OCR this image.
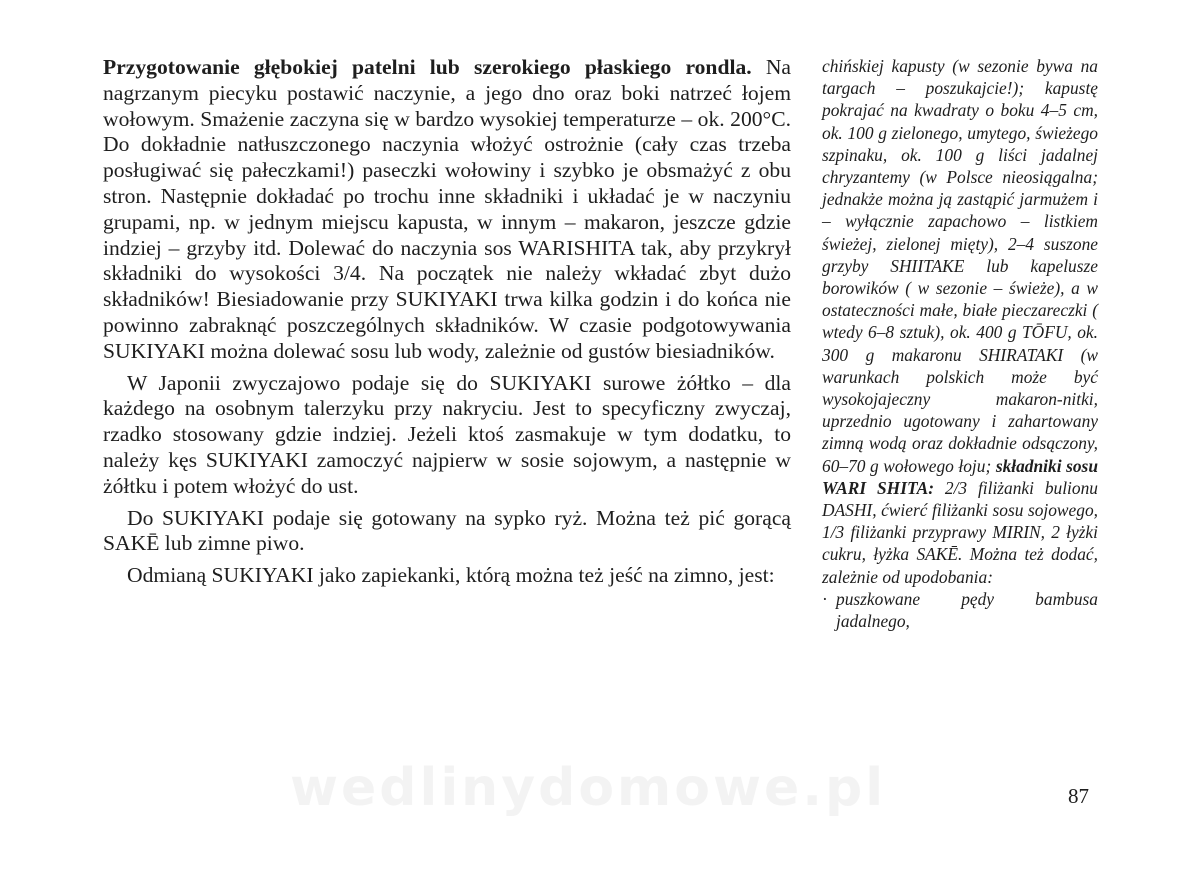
Przygotowanie głębokiej patelni lub szerokiego płaskiego rondla. Na nagrzanym piecyku postawić naczynie, a jego dno oraz boki natrzeć łojem wołowym. Smażenie zaczyna się w bardzo wysokiej temperaturze – ok. 200°C. Do dokładnie natłuszczonego naczynia włożyć ostrożnie (cały czas trzeba posługiwać się pałeczkami!) paseczki wołowiny i szybko je obsmażyć z obu stron. Następnie dokładać po trochu inne składniki i układać je w naczyniu grupami, np. w jednym miejscu kapusta, w innym – makaron, jeszcze gdzie indziej – grzyby itd. Dolewać do naczynia sos WARISHITA tak, aby przykrył składniki do wysokości 3/4. Na początek nie należy wkładać zbyt dużo składników! Biesiadowanie przy SUKIYAKI trwa kilka godzin i do końca nie powinno zabraknąć poszczególnych składników. W czasie podgotowywania SUKIYAKI można dolewać sosu lub wody, zależnie od gustów biesiadników.

W Japonii zwyczajowo podaje się do SUKIYAKI surowe żółtko – dla każdego na osobnym talerzyku przy nakryciu. Jest to specyficzny zwyczaj, rzadko stosowany gdzie indziej. Jeżeli ktoś zasmakuje w tym dodatku, to należy kęs SUKIYAKI zamoczyć najpierw w sosie sojowym, a następnie w żółtku i potem włożyć do ust.

Do SUKIYAKI podaje się gotowany na sypko ryż. Można też pić gorącą SAKĒ lub zimne piwo.

Odmianą SUKIYAKI jako zapiekanki, którą można też jeść na zimno, jest:

chińskiej kapusty (w sezonie bywa na targach – poszukajcie!); kapustę pokrajać na kwadraty o boku 4–5 cm, ok. 100 g zielonego, umytego, świeżego szpinaku, ok. 100 g liści jadalnej chryzantemy (w Polsce nieosiągalna; jednakże można ją zastąpić jarmużem i – wyłącznie zapachowo – listkiem świeżej, zielonej mięty), 2–4 suszone grzyby SHIITAKE lub kapelusze borowików ( w sezonie – świeże), a w ostateczności małe, białe pieczareczki ( wtedy 6–8 sztuk), ok. 400 g TŌFU, ok. 300 g makaronu SHIRATAKI (w warunkach polskich może być wysokojajeczny makaron-nitki, uprzednio ugotowany i zahartowany zimną wodą oraz dokładnie odsączony, 60–70 g wołowego łoju; składniki sosu WARI SHITA: 2/3 filiżanki bulionu DASHI, ćwierć filiżanki sosu sojowego, 1/3 filiżanki przyprawy MIRIN, 2 łyżki cukru, łyżka SAKĒ. Można też dodać, zależnie od upodobania:

· puszkowane pędy bambusa jadalnego,
wedlinydomowe.pl	87
